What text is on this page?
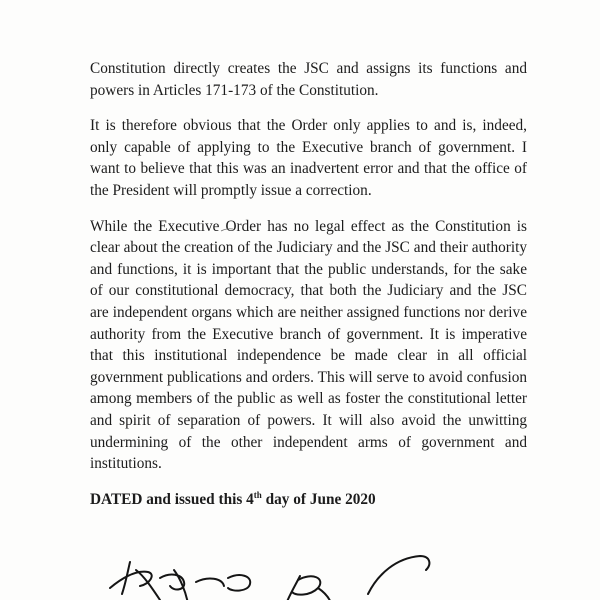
Constitution directly creates the JSC and assigns its functions and powers in Articles 171-173 of the Constitution.

It is therefore obvious that the Order only applies to and is, indeed, only capable of applying to the Executive branch of government. I want to believe that this was an inadvertent error and that the office of the President will promptly issue a correction.

While the Executive Order has no legal effect as the Constitution is clear about the creation of the Judiciary and the JSC and their authority and functions, it is important that the public understands, for the sake of our constitutional democracy, that both the Judiciary and the JSC are independent organs which are neither assigned functions nor derive authority from the Executive branch of government. It is imperative that this institutional independence be made clear in all official government publications and orders. This will serve to avoid confusion among members of the public as well as foster the constitutional letter and spirit of separation of powers. It will also avoid the unwitting undermining of the other independent arms of government and institutions.

DATED and issued this 4th day of June 2020
